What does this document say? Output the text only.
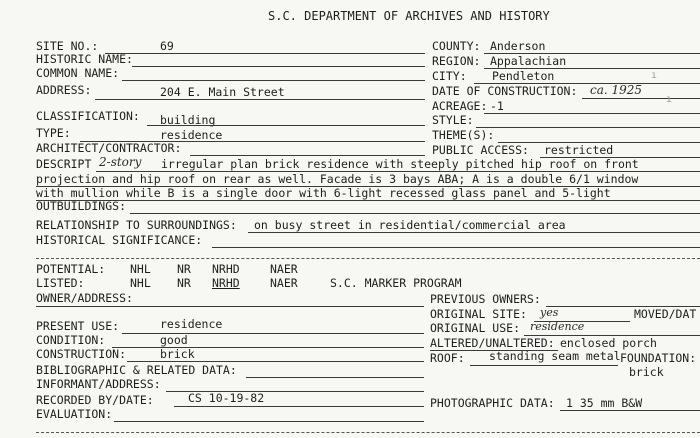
S.C. DEPARTMENT OF ARCHIVES AND HISTORY
SITE NO.:	69
HISTORIC NAME:
COMMON NAME:
ADDRESS:	204 E. Main Street
CLASSIFICATION: building
TYPE:	residence
ARCHITECT/CONTRACTOR:
COUNTY: Anderson
REGION: Appalachian
CITY: Pendleton
DATE OF CONSTRUCTION: ca. 1925
ACREAGE: -1
STYLE:
THEME(S):
PUBLIC ACCESS: restricted
DESCRIPT 2-story irregular plan brick residence with steeply pitched hip roof on front
projection and hip roof on rear as well. Facade is 3 bays ABA; A is a double 6/1 window
with mullion while B is a single door with 6-light recessed glass panel and 5-light
OUTBUILDINGS:
RELATIONSHIP TO SURROUNDINGS: on busy street in residential/commercial area
HISTORICAL SIGNIFICANCE:
POTENTIAL: NHL NR NRHD	NAER
LISTED:	NHL NR NRHD	NAER	S.C. MARKER PROGRAM
OWNER/ADDRESS:	PREVIOUS OWNERS:
ORIGINAL SITE: yes	MOVED/DAT
ORIGINAL USE: residence
ALTERED/UNALTERED: enclosed porch
ROOF: standing seam metal FOUNDATION:
brick
PRESENT USE:	residence
CONDITION:	good
CONSTRUCTION:	brick
BIBLIOGRAPHIC & RELATED DATA:
INFORMANT/ADDRESS:
RECORDED BY/DATE:	CS 10-19-82	PHOTOGRAPHIC DATA: 1 35 mm B&W
EVALUATION:
ı
ı
